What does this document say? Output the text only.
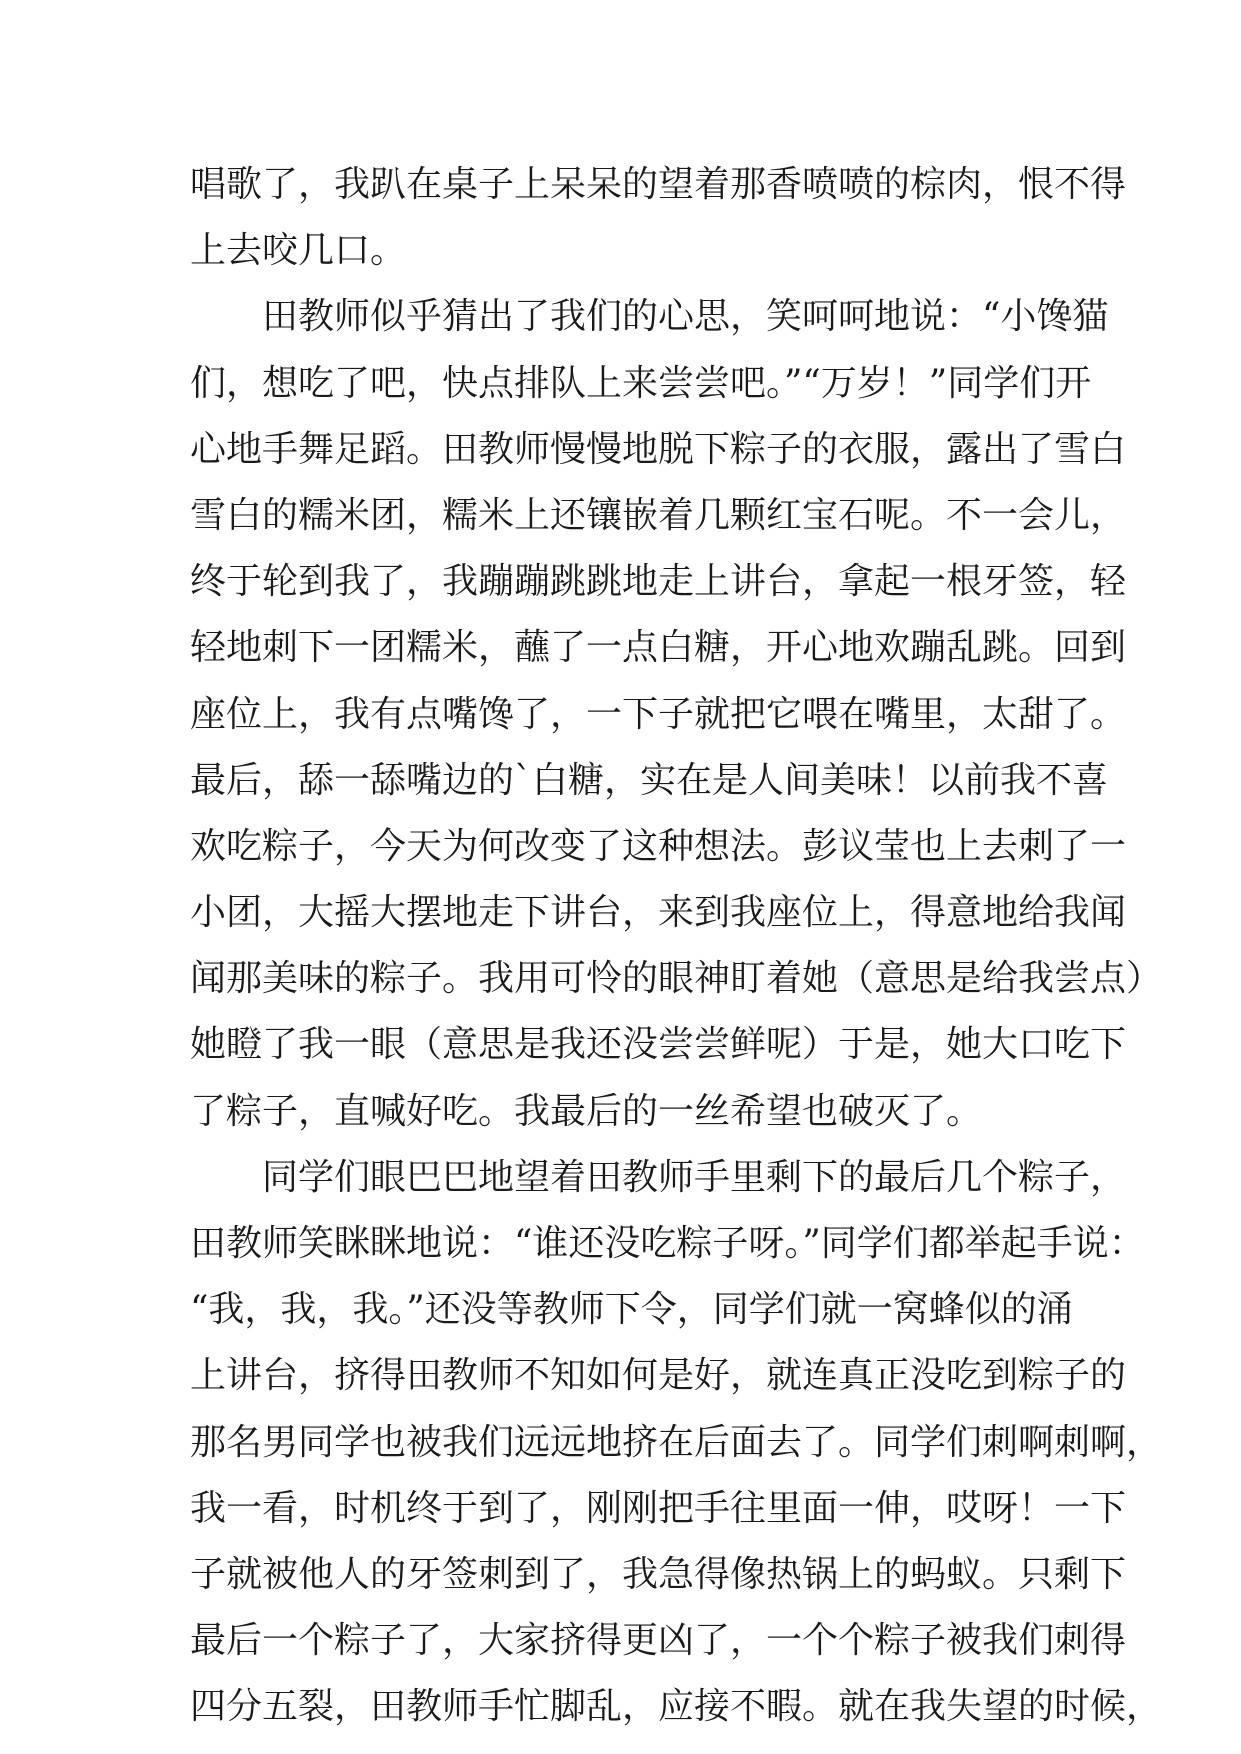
唱歌了，我趴在桌子上呆呆的望着那香喷喷的棕肉，恨不得
上去咬几口。
　　田教师似乎猜出了我们的心思，笑呵呵地说：“小馋猫
们，想吃了吧，快点排队上来尝尝吧。”“万岁！”同学们开
心地手舞足蹈。田教师慢慢地脱下粽子的衣服，露出了雪白
雪白的糯米团，糯米上还镶嵌着几颗红宝石呢。不一会儿，
终于轮到我了，我蹦蹦跳跳地走上讲台，拿起一根牙签，轻
轻地刺下一团糯米，蘸了一点白糖，开心地欢蹦乱跳。回到
座位上，我有点嘴馋了，一下子就把它喂在嘴里，太甜了。
最后，舔一舔嘴边的`白糖，实在是人间美味！以前我不喜
欢吃粽子，今天为何改变了这种想法。彭议莹也上去刺了一
小团，大摇大摆地走下讲台，来到我座位上，得意地给我闻
闻那美味的粽子。我用可怜的眼神盯着她（意思是给我尝点）
她瞪了我一眼（意思是我还没尝尝鲜呢）于是，她大口吃下
了粽子，直喊好吃。我最后的一丝希望也破灭了。
　　同学们眼巴巴地望着田教师手里剩下的最后几个粽子，
田教师笑眯眯地说：“谁还没吃粽子呀。”同学们都举起手说：
“我，我，我。”还没等教师下令，同学们就一窝蜂似的涌
上讲台，挤得田教师不知如何是好，就连真正没吃到粽子的
那名男同学也被我们远远地挤在后面去了。同学们刺啊刺啊，
我一看，时机终于到了，刚刚把手往里面一伸，哎呀！一下
子就被他人的牙签刺到了，我急得像热锅上的蚂蚁。只剩下
最后一个粽子了，大家挤得更凶了，一个个粽子被我们刺得
四分五裂，田教师手忙脚乱，应接不暇。就在我失望的时候，
